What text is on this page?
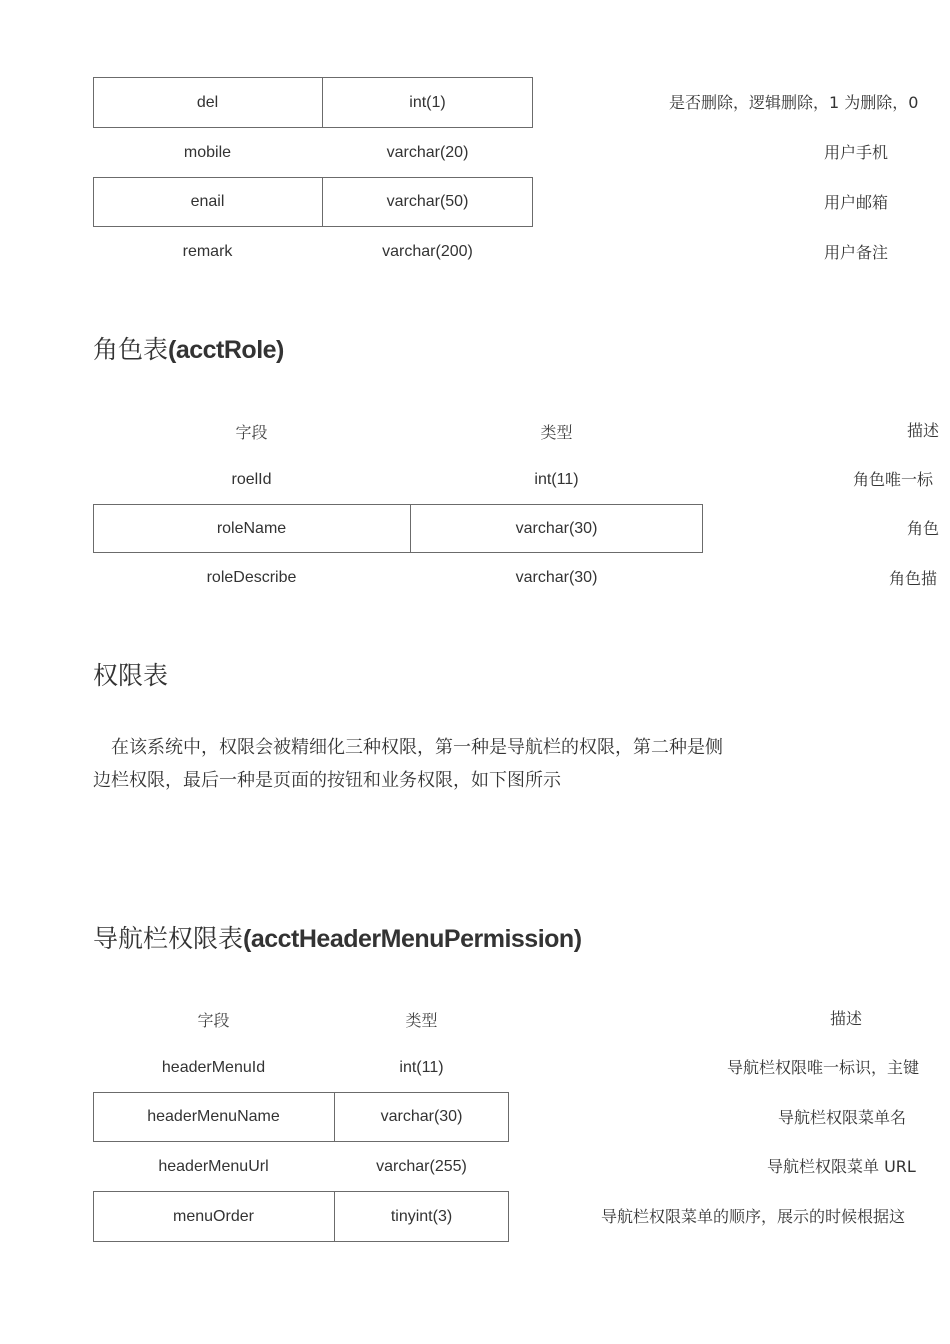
del	int(1)	是否删除，逻辑删除，1 为删除，0
mobile	varchar(20)	用户手机
enail	varchar(50)	用户邮箱
remark	varchar(200)	用户备注
角色表(acctRole)
字段	类型	描述
roelId	int(11)	角色唯一标
roleName	varchar(30)	角色
roleDescribe	varchar(30)	角色描
权限表
在该系统中，权限会被精细化三种权限，第一种是导航栏的权限，第二种是侧
边栏权限，最后一种是页面的按钮和业务权限，如下图所示
导航栏权限表(acctHeaderMenuPermission)
字段	类型	描述
headerMenuId	int(11)	导航栏权限唯一标识，主键
headerMenuName	varchar(30)	导航栏权限菜单名
headerMenuUrl	varchar(255)	导航栏权限菜单 URL
menuOrder	tinyint(3)	导航栏权限菜单的顺序，展示的时候根据这
